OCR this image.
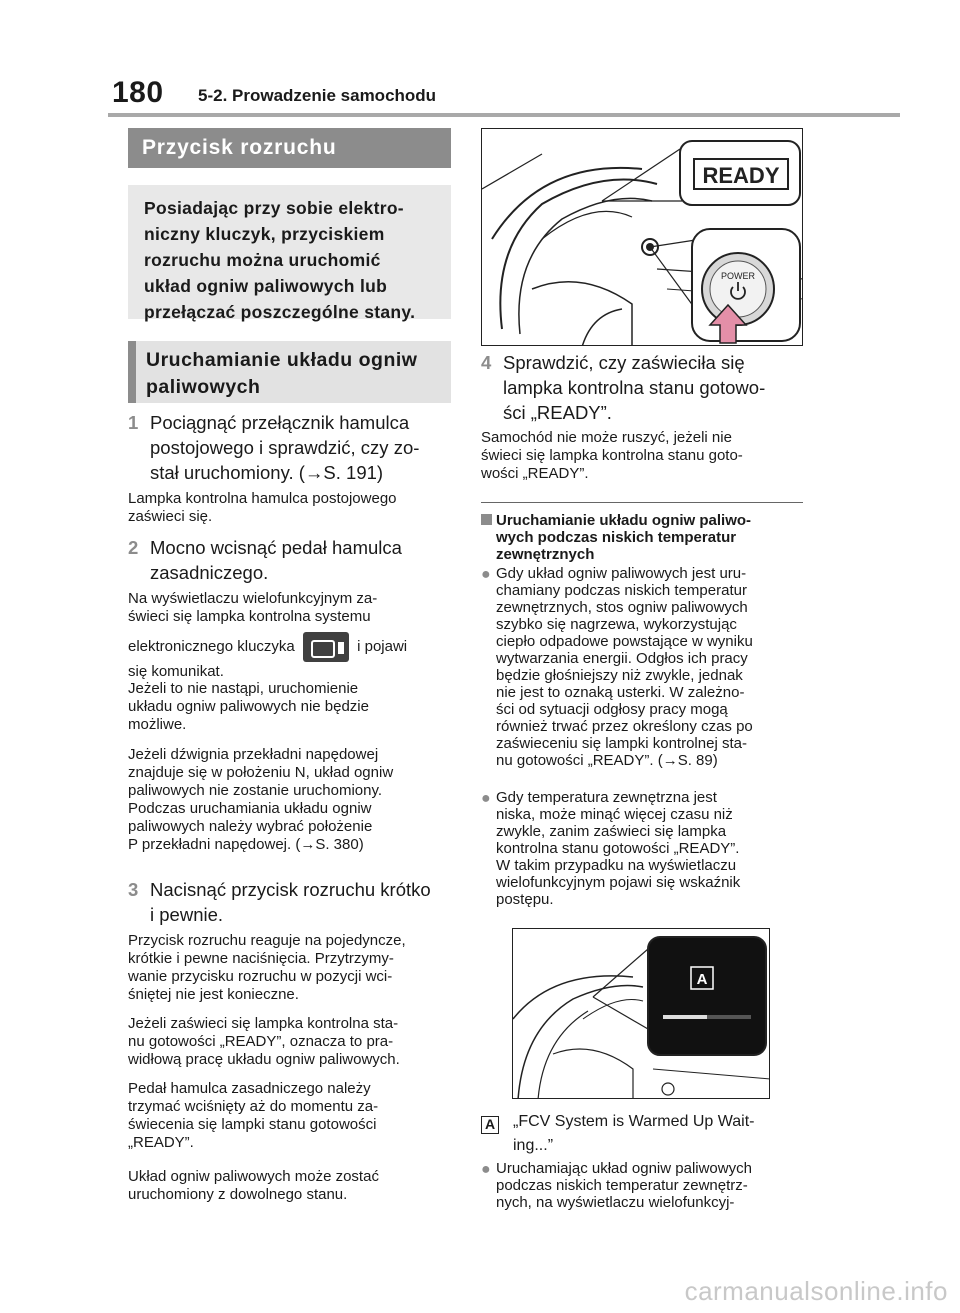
180 5-2. Prowadzenie samochodu
Przycisk rozruchu
Posiadając przy sobie elektro-
niczny kluczyk, przyciskiem
rozruchu można uruchomić
układ ogniw paliwowych lub
przełączać poszczególne stany.
Uruchamianie układu ogniw
paliwowych
1 Pociągnąć przełącznik hamulca
postojowego i sprawdzić, czy zo-
stał uruchomiony. (→S. 191)
Lampka kontrolna hamulca postojowego
zaświeci się.
2 Mocno wcisnąć pedał hamulca
zasadniczego.
Na wyświetlaczu wielofunkcyjnym za-
świeci się lampka kontrolna systemu
elektronicznego kluczyka	i pojawi
się komunikat.
Jeżeli to nie nastąpi, uruchomienie
układu ogniw paliwowych nie będzie
możliwe.
Jeżeli dźwignia przekładni napędowej
znajduje się w położeniu N, układ ogniw
paliwowych nie zostanie uruchomiony.
Podczas uruchamiania układu ogniw
paliwowych należy wybrać położenie
P przekładni napędowej. (→S. 380)
3 Nacisnąć przycisk rozruchu krótko
i pewnie.
Przycisk rozruchu reaguje na pojedyncze,
krótkie i pewne naciśnięcia. Przytrzymy-
wanie przycisku rozruchu w pozycji wci-
śniętej nie jest konieczne.
Jeżeli zaświeci się lampka kontrolna sta-
nu gotowości „READY”, oznacza to pra-
widłową pracę układu ogniw paliwowych.
Pedał hamulca zasadniczego należy
trzymać wciśnięty aż do momentu za-
świecenia się lampki stanu gotowości
„READY”.
Układ ogniw paliwowych może zostać
uruchomiony z dowolnego stanu.
READY
POWER
4 Sprawdzić, czy zaświeciła się
lampka kontrolna stanu gotowo-
ści „READY”.
Samochód nie może ruszyć, jeżeli nie
świeci się lampka kontrolna stanu goto-
wości „READY”.
Uruchamianie układu ogniw paliwo-
wych podczas niskich temperatur
zewnętrznych
● Gdy układ ogniw paliwowych jest uru-
chamiany podczas niskich temperatur
zewnętrznych, stos ogniw paliwowych
szybko się nagrzewa, wykorzystując
ciepło odpadowe powstające w wyniku
wytwarzania energii. Odgłos ich pracy
będzie głośniejszy niż zwykle, jednak
nie jest to oznaką usterki. W zależno-
ści od sytuacji odgłosy pracy mogą
również trwać przez określony czas po
zaświeceniu się lampki kontrolnej sta-
nu gotowości „READY”. (→S. 89)
● Gdy temperatura zewnętrzna jest
niska, może minąć więcej czasu niż
zwykle, zanim zaświeci się lampka
kontrolna stanu gotowości „READY”.
W takim przypadku na wyświetlaczu
wielofunkcyjnym pojawi się wskaźnik
postępu.
A
A	„FCV System is Warmed Up Wait-
ing...”
● Uruchamiając układ ogniw paliwowych
podczas niskich temperatur zewnętrz-
nych, na wyświetlaczu wielofunkcyj-
carmanualsonline.info
